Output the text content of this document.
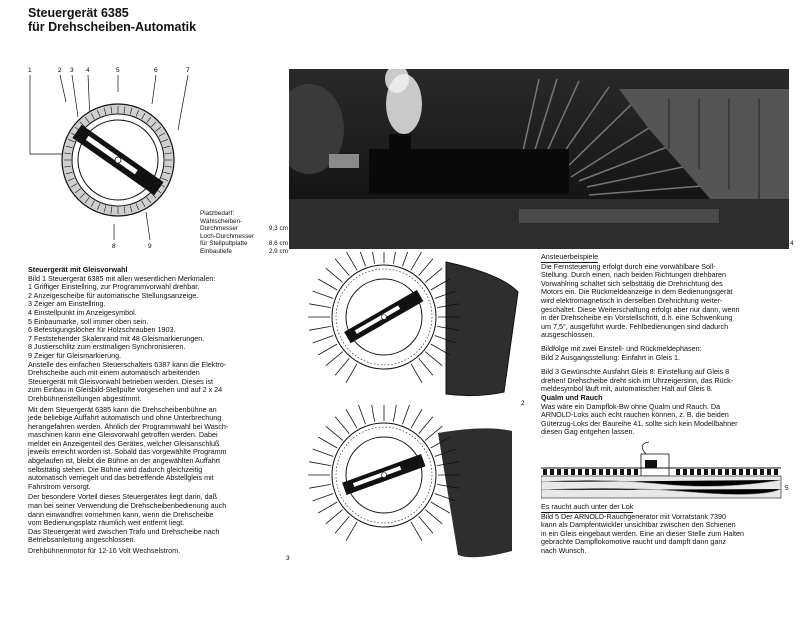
Steuergerät 6385
für Drehscheiben-Automatik
1	2 3 4	5	6	7
8	9
Platzbedarf:
Wählscheiben-
Durchmesser	9,3 cm
Loch-Durchmesser
für Stellpultplatte	8,6 cm
Einbautiefe	2,9 cm
Steuergerät mit Gleisvorwahl
Bild 1 Steuergerät 6385 mit allen wesentlichen Merkmalen:
1 Griffiger Einstellring, zur Programmvorwahl drehbar.
2 Anzeigescheibe für automatische Stellungsanzeige.
3 Zeiger am Einstellring.
4 Einstellpunkt im Anzeigesymbol.
5 Einbaumarke, soll immer oben sein.
6 Befestigungslöcher für Holzschrauben 1903.
7 Feststehender Skalenrand mit 48 Gleismarkierungen.
8 Justierschlitz zum erstmaligen Synchronisieren.
9 Zeiger für Gleismarkierung.
Anstelle des einfachen Steuerschalters 6387 kann die Elektro-
Drehscheibe auch mit einem automatisch arbeitenden
Steuergerät mit Gleisvorwahl betrieben werden. Dieses ist
zum Einbau in Gleisbild-Stellpulte vorgesehen und auf 2 x 24
Drehbühnenstellungen abgestimmt.
Mit dem Steuergerät 6385 kann die Drehscheibenbühne an
jede beliebige Auffahrt automatisch und ohne Unterbrechung
herangefahren werden. Ähnlich der Programmwahl bei Wasch-
maschinen kann eine Gleisvorwahl getroffen werden. Dabei
meldet ein Anzeigenteil des Gerätes, welcher Gleisanschluß
jeweils erreicht worden ist. Sobald das vorgewählte Programm
abgelaufen ist, bleibt die Bühne an der angewählten Auffahrt
selbsttätig stehen. Die Bühne wird dadurch gleichzeitig
automatisch verriegelt und das betreffende Abstellgleis mit
Fahrstrom versorgt.
Der besondere Vorteil dieses Steuergerätes liegt darin, daß
man bei seiner Verwendung die Drehscheibenbedienung auch
dann einwandfrei vornehmen kann, wenn die Drehscheibe
vom Bedienungsplatz räumlich weit entfernt liegt.
Das Steuergerät wird zwischen Trafo und Drehscheibe nach
Betriebsanleitung angeschlossen.
Drehbühnenmotor für 12-16 Volt Wechselstrom.
4
2
3
Ansteuerbeispiele
Die Fernsteuerung erfolgt durch eine vorwählbare Soll-
Stellung. Durch einen, nach beiden Richtungen drehbaren
Vorwahlring schaltet sich selbsttätig die Drehrichtung des
Motors ein. Die Rückmeldeanzeige in dem Bedienungsgerät
wird elektromagnetisch in derselben Drehrichtung weiter-
geschaltet. Diese Weiterschaltung erfolgt aber nur dann, wenn
in der Drehscheibe ein Vorstellschritt, d.h. eine Schwenkung
um 7,5°, ausgeführt wurde. Fehlbedienungen sind dadurch
ausgeschlossen.
Bildfolge mit zwei Einstell- und Rückmeldephasen:
Bild 2 Ausgangsstellung: Einfahrt in Gleis 1.
Bild 3 Gewünschte Ausfahrt Gleis 8: Einstellung auf Gleis 8
drehen! Drehscheibe dreht sich im Uhrzeigersinn, das Rück-
meldesymbol läuft mit, automatischer Halt auf Gleis 8.
Qualm und Rauch
Was wäre ein Dampflok-Bw ohne Qualm und Rauch. Da
ARNOLD-Loks auch echt rauchen können, z. B. die beiden
Güterzug-Loks der Baureihe 41, sollte sich kein Modellbahner
diesen Gag entgehen lassen.
5
Es raucht auch unter der Lok
Bild 5 Der ARNOLD-Rauchgenerator mit Vorratstank 7390
kann als Dampfentwickler unsichtbar zwischen den Schienen
in ein Gleis eingebaut werden. Eine an dieser Stelle zum Halten
gebrachte Dampflokomotive raucht und dampft dann ganz
nach Wunsch.
